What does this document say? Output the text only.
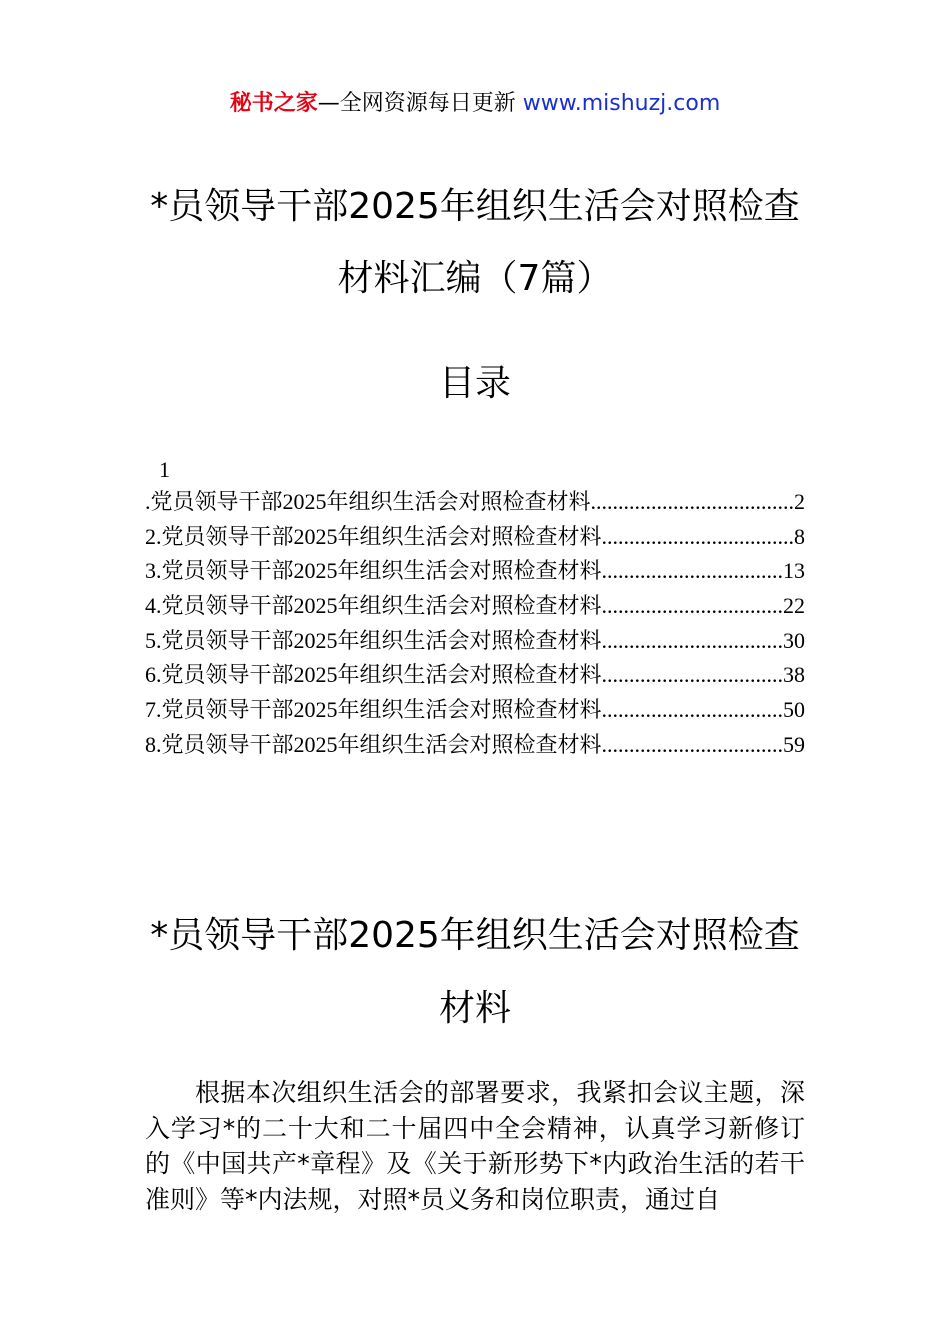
秘书之家—全网资源每日更新 www.mishuzj.com
*员领导干部2025年组织生活会对照检查
材料汇编（7篇）
目录
1
.党员领导干部2025年组织生活会对照检查材料 .....	2
2.党员领导干部2025年组织生活会对照检查材料 .....	8
3.党员领导干部2025年组织生活会对照检查材料 .....	13
4.党员领导干部2025年组织生活会对照检查材料 .....	22
5.党员领导干部2025年组织生活会对照检查材料 .....	30
6.党员领导干部2025年组织生活会对照检查材料 .....	38
7.党员领导干部2025年组织生活会对照检查材料 .....	50
8.党员领导干部2025年组织生活会对照检查材料 .....	59
*员领导干部2025年组织生活会对照检查
材料

根据本次组织生活会的部署要求，我紧扣会议主题，深入学习*的二十大和二十届四中全会精神，认真学习新修订的《中国共产*章程》及《关于新形势下*内政治生活的若干准则》等*内法规，对照*员义务和岗位职责，通过自
